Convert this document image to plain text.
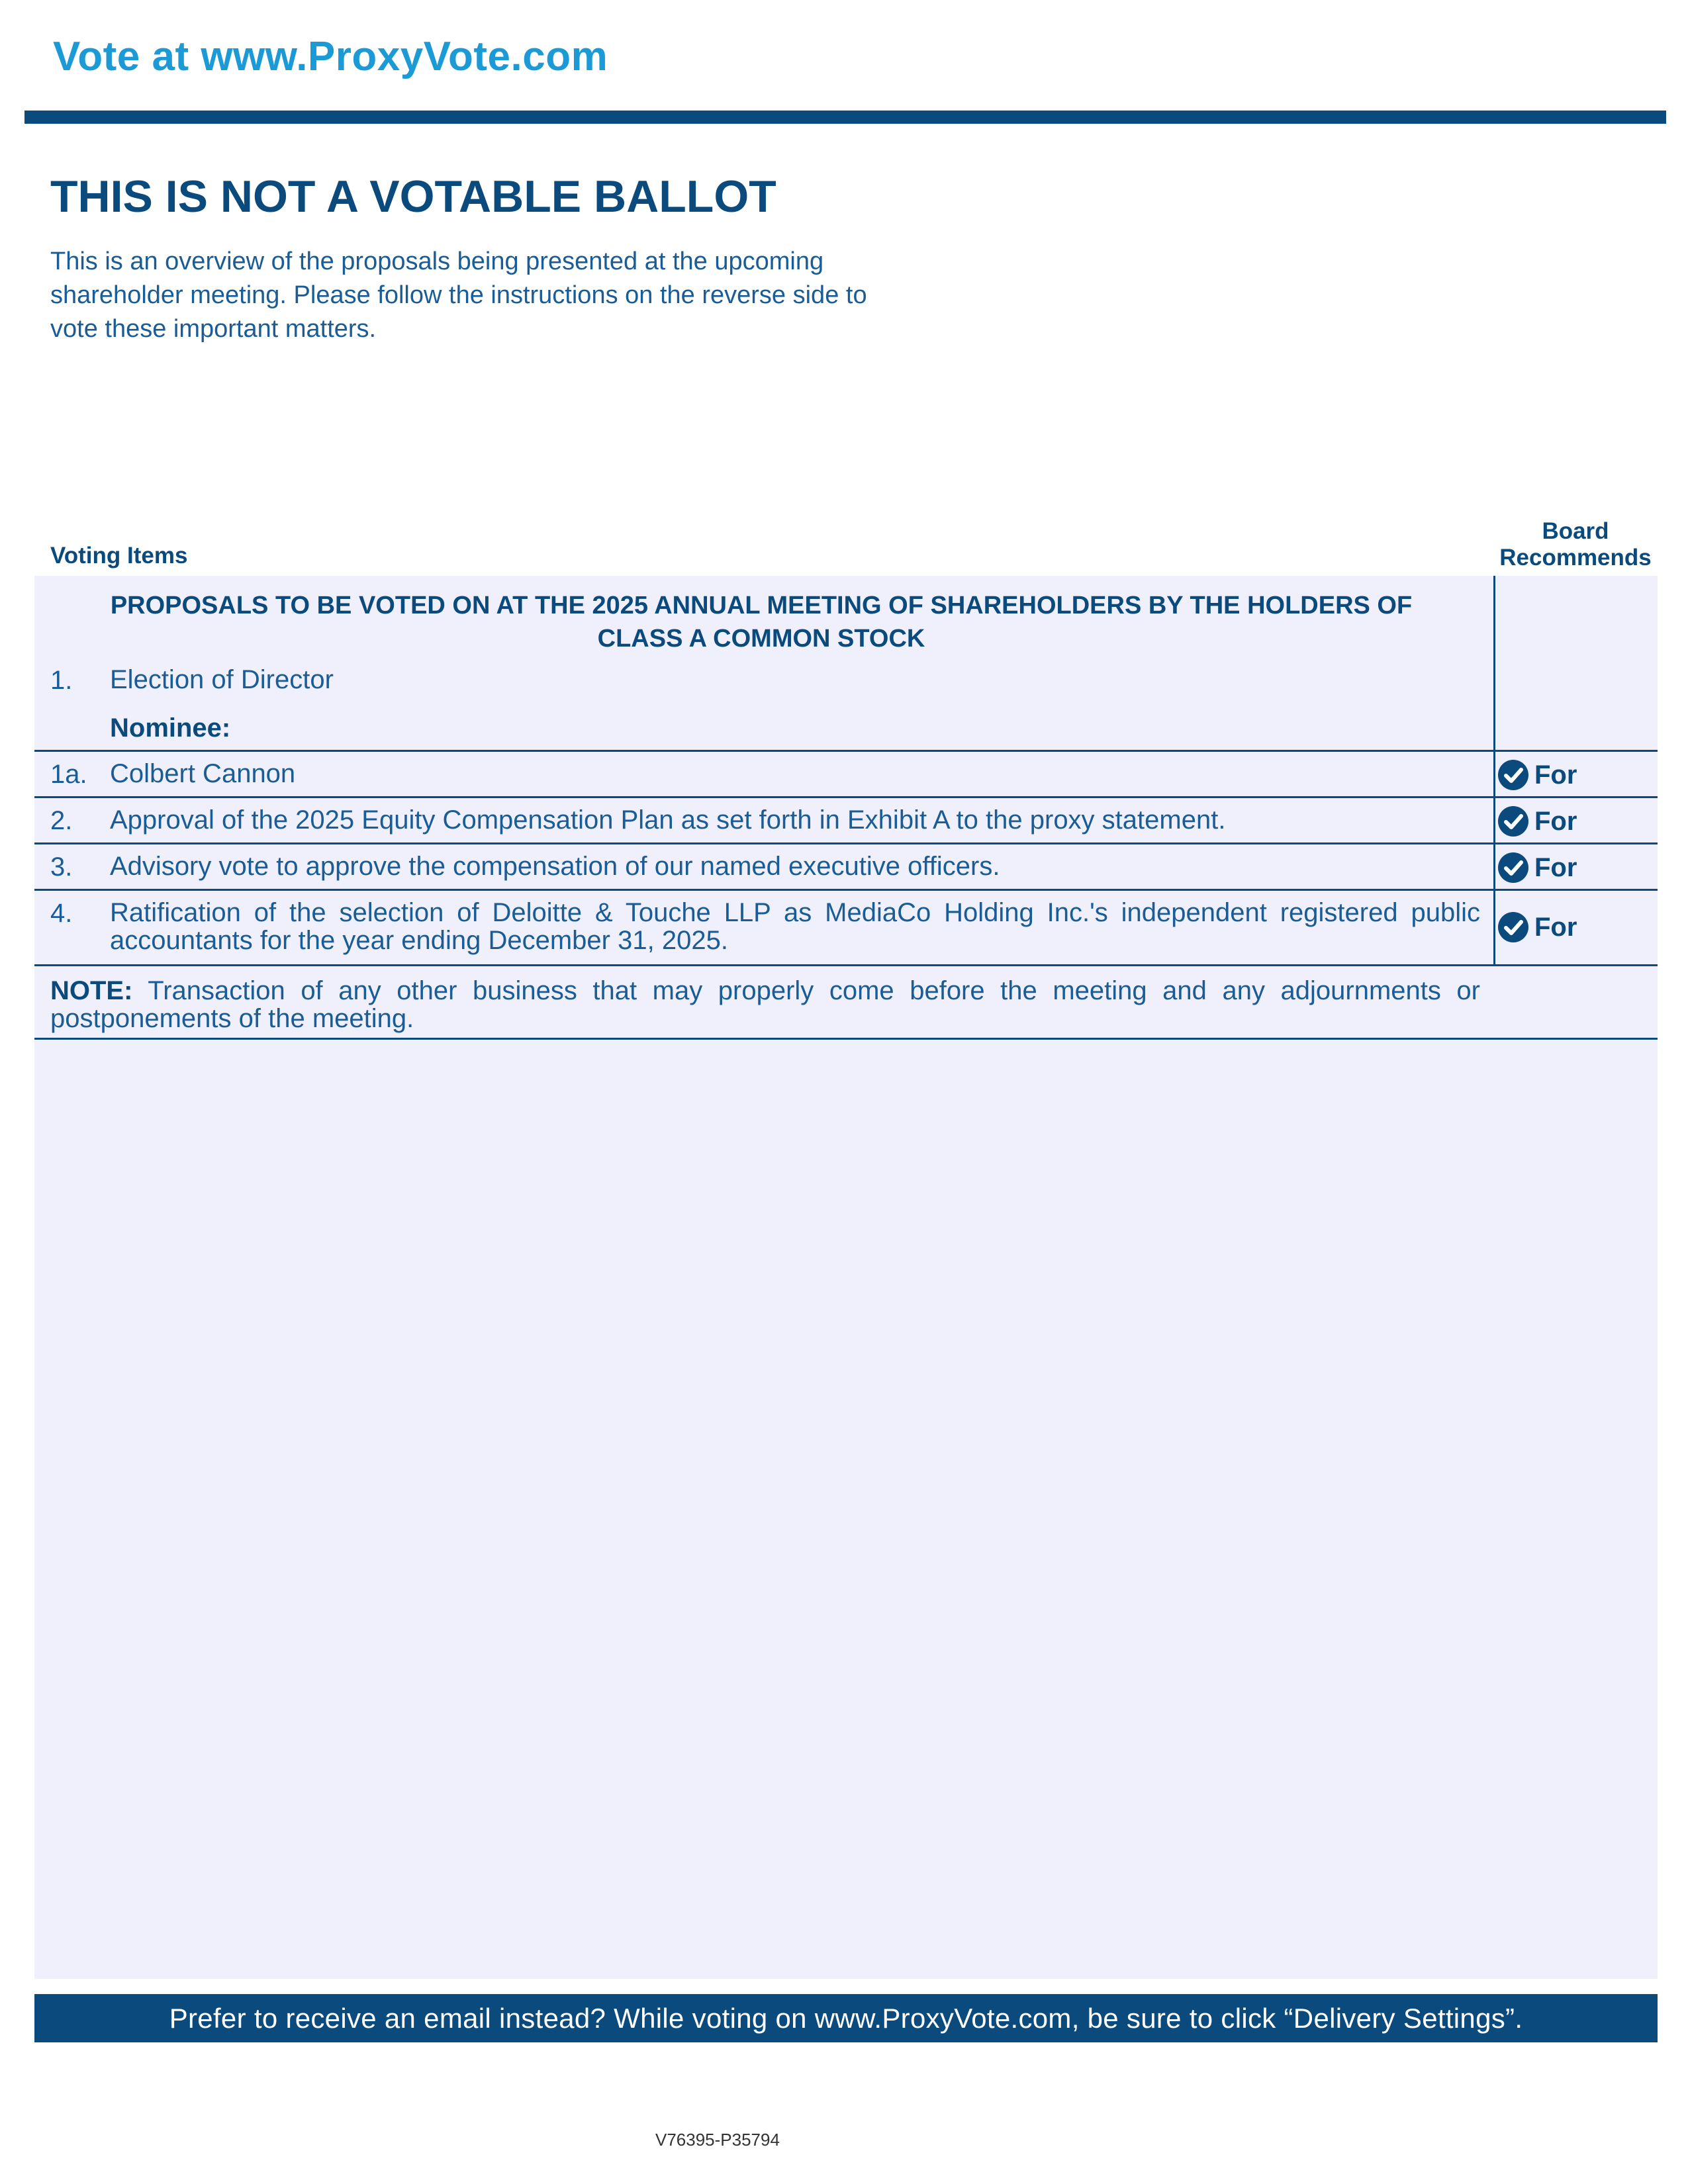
Vote at www.ProxyVote.com
THIS IS NOT A VOTABLE BALLOT
This is an overview of the proposals being presented at the upcoming shareholder meeting. Please follow the instructions on the reverse side to vote these important matters.
Voting Items
Board Recommends
PROPOSALS TO BE VOTED ON AT THE 2025 ANNUAL MEETING OF SHAREHOLDERS BY THE HOLDERS OF CLASS A COMMON STOCK
1. Election of Director
Nominee:
1a. Colbert Cannon	For
2. Approval of the 2025 Equity Compensation Plan as set forth in Exhibit A to the proxy statement.	For
3. Advisory vote to approve the compensation of our named executive officers.	For
4. Ratification of the selection of Deloitte & Touche LLP as MediaCo Holding Inc.'s independent registered public accountants for the year ending December 31, 2025.	For
NOTE: Transaction of any other business that may properly come before the meeting and any adjournments or postponements of the meeting.
Prefer to receive an email instead? While voting on www.ProxyVote.com, be sure to click “Delivery Settings”.
V76395-P35794
